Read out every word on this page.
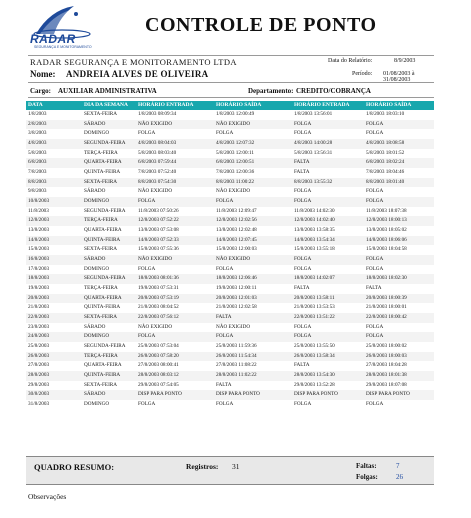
RADAR
SEGURANÇA E MONITORAMENTO
CONTROLE DE PONTO
RADAR SEGURANÇA E MONITORAMENTO LTDA	Data do Relatório:	8/9/2003
Nome: ANDREIA ALVES DE OLIVEIRA	Período: 01/08/2003 à 31/08/2003
Cargo: AUXILIAR ADMINISTRATIVA	Departamento: CREDITO/COBRANÇA
DATA	DIA DA SEMANA	HORÁRIO ENTRADA	HORÁRIO SAÍDA	HORÁRIO ENTRADA	HORÁRIO SAÍDA
1/8/2003	SEXTA-FEIRA	1/8/2003 08:09:34	1/8/2003 12:00:49	1/8/2003 13:56:01	1/8/2003 18:03:10
2/8/2003	SÁBADO	NÃO EXIGIDO	NÃO EXIGIDO	FOLGA	FOLGA
3/8/2003	DOMINGO	FOLGA	FOLGA	FOLGA	FOLGA
4/8/2003	SEGUNDA-FEIRA	4/8/2003 08:04:03	4/8/2003 12:07:32	4/8/2003 14:00:28	4/8/2003 18:08:58
5/8/2003	TERÇA-FEIRA	5/8/2003 08:03:40	5/8/2003 12:00:11	5/8/2003 13:56:31	5/8/2003 18:01:52
6/8/2003	QUARTA-FEIRA	6/8/2003 07:59:44	6/8/2003 12:00:51	FALTA	6/8/2003 18:02:24
7/8/2003	QUINTA-FEIRA	7/8/2003 07:52:40	7/8/2003 12:00:36	FALTA	7/8/2003 18:04:46
8/8/2003	SEXTA-FEIRA	8/8/2003 07:54:30	8/8/2003 11:00:22	8/8/2003 13:55:32	8/8/2003 18:01:40
9/8/2003	SÁBADO	NÃO EXIGIDO	NÃO EXIGIDO	FOLGA	FOLGA
10/8/2003	DOMINGO	FOLGA	FOLGA	FOLGA	FOLGA
11/8/2003	SEGUNDA-FEIRA	11/8/2003 07:50:26	11/8/2003 12:09:47	11/8/2003 14:02:30	11/8/2003 18:07:38
12/8/2003	TERÇA-FEIRA	12/8/2003 07:52:22	12/8/2003 12:02:56	12/8/2003 14:02:40	12/8/2003 18:00:13
13/8/2003	QUARTA-FEIRA	13/8/2003 07:53:08	13/8/2003 12:02:48	13/8/2003 13:58:35	13/8/2003 18:05:02
14/8/2003	QUINTA-FEIRA	14/8/2003 07:52:33	14/8/2003 12:07:45	14/8/2003 13:54:34	14/8/2003 18:06:06
15/8/2003	SEXTA-FEIRA	15/8/2003 07:55:36	15/8/2003 12:00:03	15/8/2003 13:55:18	15/8/2003 18:04:58
16/8/2003	SÁBADO	NÃO EXIGIDO	NÃO EXIGIDO	FOLGA	FOLGA
17/8/2003	DOMINGO	FOLGA	FOLGA	FOLGA	FOLGA
18/8/2003	SEGUNDA-FEIRA	18/8/2003 08:01:36	18/8/2003 12:06:46	18/8/2003 14:02:07	18/8/2003 18:02:30
19/8/2003	TERÇA-FEIRA	19/8/2003 07:53:31	19/8/2003 12:00:11	FALTA	FALTA
20/8/2003	QUARTA-FEIRA	20/8/2003 07:53:19	20/8/2003 12:01:03	20/8/2003 13:58:11	20/8/2003 18:00:39
21/8/2003	QUINTA-FEIRA	21/8/2003 08:04:52	21/8/2003 12:02:58	21/8/2003 13:53:53	21/8/2003 18:00:01
22/8/2003	SEXTA-FEIRA	22/8/2003 07:56:12	FALTA	22/8/2003 13:51:22	22/8/2003 18:00:42
23/8/2003	SÁBADO	NÃO EXIGIDO	NÃO EXIGIDO	FOLGA	FOLGA
24/8/2003	DOMINGO	FOLGA	FOLGA	FOLGA	FOLGA
25/8/2003	SEGUNDA-FEIRA	25/8/2003 07:53:04	25/8/2003 11:59:36	25/8/2003 13:55:50	25/8/2003 18:00:02
26/8/2003	TERÇA-FEIRA	26/8/2003 07:58:20	26/8/2003 11:54:34	26/8/2003 13:58:34	26/8/2003 18:00:03
27/8/2003	QUARTA-FEIRA	27/8/2003 08:00:41	27/8/2003 11:08:22	FALTA	27/8/2003 18:04:28
28/8/2003	QUINTA-FEIRA	28/8/2003 08:03:12	28/8/2003 11:02:22	28/8/2003 13:54:30	28/8/2003 18:01:38
29/8/2003	SEXTA-FEIRA	29/8/2003 07:54:05	FALTA	29/8/2003 13:52:28	29/8/2003 18:07:08
30/8/2003	SÁBADO	DISP PARA PONTO	DISP PARA PONTO	DISP PARA PONTO	DISP PARA PONTO
31/8/2003	DOMINGO	FOLGA	FOLGA	FOLGA	FOLGA
QUADRO RESUMO:	Registros: 31	Faltas:	7
Folgas:	26
Observações
